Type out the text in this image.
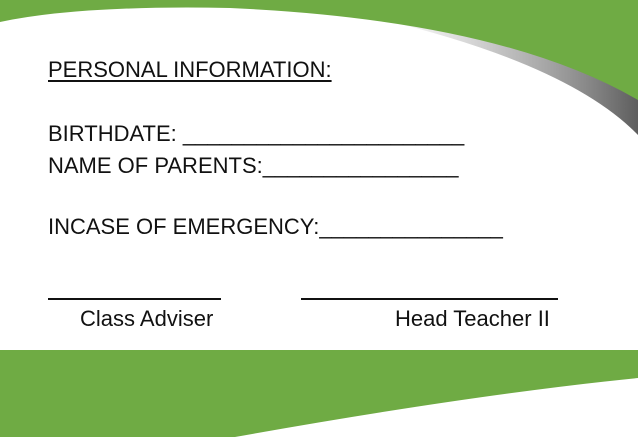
PERSONAL INFORMATION:
BIRTHDATE: _______________________
NAME OF PARENTS:________________
INCASE OF EMERGENCY:_______________
Class Adviser	Head Teacher II
